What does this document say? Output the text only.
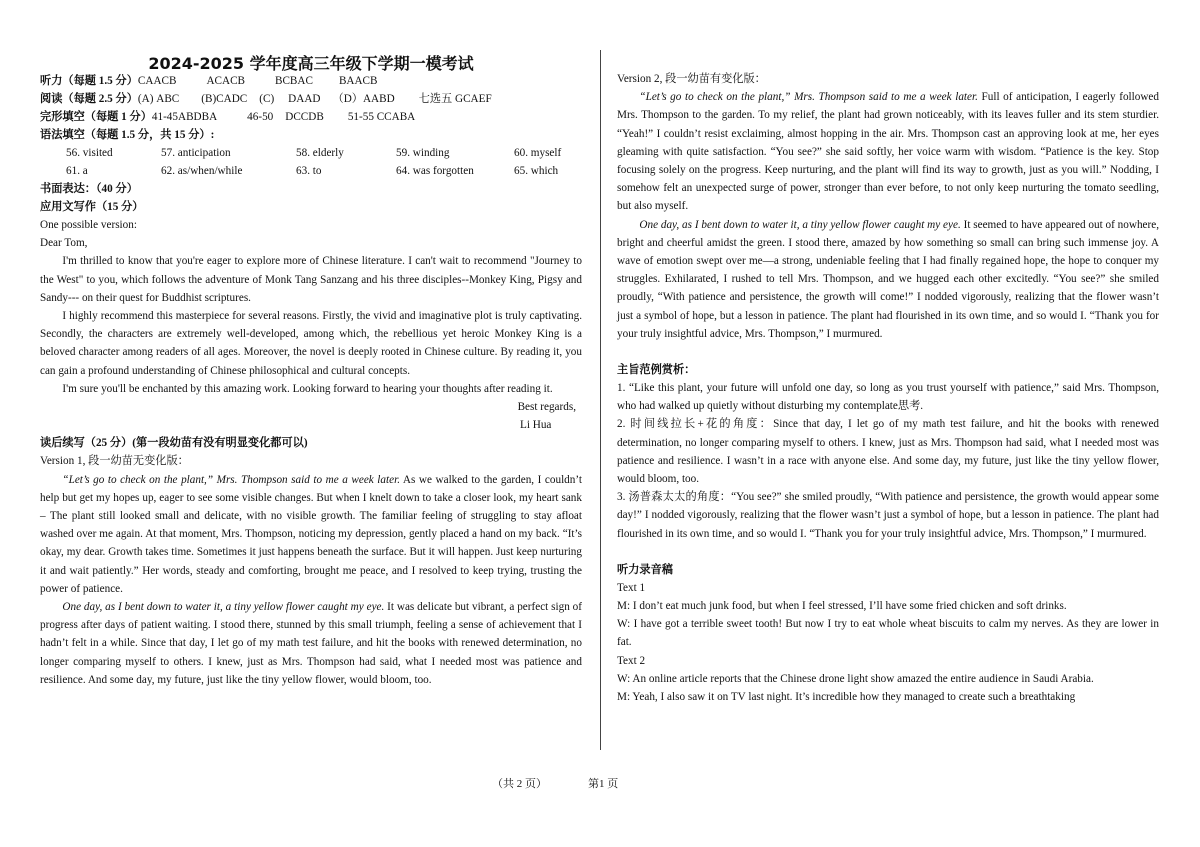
2024-2025 学年度高三年级下学期一模考试
听力（每题 1.5 分）CAACB	ACACB	BCBAC BAACB
阅读（每题 2.5 分）(A) ABC (B)CADC (C) DAAD （D）AABD 七选五 GCAEF
完形填空（每题 1 分）41-45ABDBA	46-50 DCCDB 51-55 CCABA
语法填空（每题 1.5 分，共 15 分）:
56. visited	57. anticipation	58. elderly	59. winding	60. myself
61. a	62. as/when/while	63. to	64. was forgotten	65. which
书面表达：（40 分）
应用文写作（15 分）
One possible version:
Dear Tom,
I'm thrilled to know that you're eager to explore more of Chinese literature. I can't wait to recommend "Journey to the West" to you, which follows the adventure of Monk Tang Sanzang and his three disciples--Monkey King, Pigsy and Sandy--- on their quest for Buddhist scriptures.
I highly recommend this masterpiece for several reasons. Firstly, the vivid and imaginative plot is truly captivating. Secondly, the characters are extremely well-developed, among which, the rebellious yet heroic Monkey King is a beloved character among readers of all ages. Moreover, the novel is deeply rooted in Chinese culture. By reading it, you can gain a profound understanding of Chinese philosophical and cultural concepts.
I'm sure you'll be enchanted by this amazing work. Looking forward to hearing your thoughts after reading it.
Best regards,
Li Hua
读后续写（25 分）(第一段幼苗有没有明显变化都可以)
Version 1, 段一幼苗无变化版：
“Let’s go to check on the plant,” Mrs. Thompson said to me a week later. As we walked to the garden, I couldn’t help but get my hopes up, eager to see some visible changes. But when I knelt down to take a closer look, my heart sank – The plant still looked small and delicate, with no visible growth. The familiar feeling of struggling to stay afloat washed over me again. At that moment, Mrs. Thompson, noticing my depression, gently placed a hand on my back. “It’s okay, my dear. Growth takes time. Sometimes it just happens beneath the surface. But it will happen. Just keep nurturing it and wait patiently.” Her words, steady and comforting, brought me peace, and I resolved to keep trying, trusting the power of patience.
One day, as I bent down to water it, a tiny yellow flower caught my eye. It was delicate but vibrant, a perfect sign of progress after days of patient waiting. I stood there, stunned by this small triumph, feeling a sense of achievement that I hadn’t felt in a while. Since that day, I let go of my math test failure, and hit the books with renewed determination, no longer comparing myself to others. I knew, just as Mrs. Thompson had said, what I needed most was patience and resilience. And some day, my future, just like the tiny yellow flower, would bloom, too.
Version 2, 段一幼苗有变化版：
“Let’s go to check on the plant,” Mrs. Thompson said to me a week later. Full of anticipation, I eagerly followed Mrs. Thompson to the garden. To my relief, the plant had grown noticeably, with its leaves fuller and its stem sturdier. “Yeah!” I couldn’t resist exclaiming, almost hopping in the air. Mrs. Thompson cast an approving look at me, her eyes gleaming with quite satisfaction. “You see?” she said softly, her voice warm with wisdom. “Patience is the key. Stop focusing solely on the progress. Keep nurturing, and the plant will find its way to growth, just as you will.” Nodding, I somehow felt an unexpected surge of power, stronger than ever before, to not only keep nurturing the tomato seedling, but also myself.
One day, as I bent down to water it, a tiny yellow flower caught my eye. It seemed to have appeared out of nowhere, bright and cheerful amidst the green. I stood there, amazed by how something so small can bring such immense joy. A wave of emotion swept over me—a strong, undeniable feeling that I had finally regained hope, the hope to conquer my struggles. Exhilarated, I rushed to tell Mrs. Thompson, and we hugged each other excitedly. “You see?” she smiled proudly, “With patience and persistence, the growth will come!” I nodded vigorously, realizing that the flower wasn’t just a symbol of hope, but a lesson in patience. The plant had flourished in its own time, and so would I. “Thank you for your truly insightful advice, Mrs. Thompson,” I murmured.
主旨范例赏析：
1. “Like this plant, your future will unfold one day, so long as you trust yourself with patience,” said Mrs. Thompson, who had walked up quietly without disturbing my contemplate思考.
2. 时间线拉长+花的角度：Since that day, I let go of my math test failure, and hit the books with renewed determination, no longer comparing myself to others. I knew, just as Mrs. Thompson had said, what I needed most was patience and resilience. I wasn’t in a race with anyone else. And some day, my future, just like the tiny yellow flower, would bloom, too.
3. 汤普森太太的角度：“You see?” she smiled proudly, “With patience and persistence, the growth would appear some day!” I nodded vigorously, realizing that the flower wasn’t just a symbol of hope, but a lesson in patience. The plant had flourished in its own time, and so would I. “Thank you for your truly insightful advice, Mrs. Thompson,” I murmured.
听力录音稿
Text 1
M: I don’t eat much junk food, but when I feel stressed, I’ll have some fried chicken and soft drinks.
W: I have got a terrible sweet tooth! But now I try to eat whole wheat biscuits to calm my nerves. As they are lower in fat.
Text 2
W: An online article reports that the Chinese drone light show amazed the entire audience in Saudi Arabia.
M: Yeah, I also saw it on TV last night. It’s incredible how they managed to create such a breathtaking
（共 2 页）	第1 页
